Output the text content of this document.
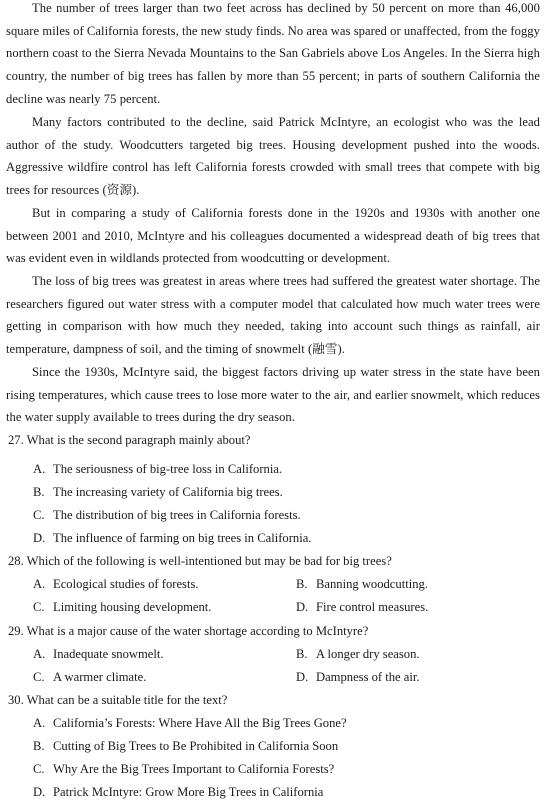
The number of trees larger than two feet across has declined by 50 percent on more than 46,000 square miles of California forests, the new study finds. No area was spared or unaffected, from the foggy northern coast to the Sierra Nevada Mountains to the San Gabriels above Los Angeles. In the Sierra high country, the number of big trees has fallen by more than 55 percent; in parts of southern California the decline was nearly 75 percent.

Many factors contributed to the decline, said Patrick McIntyre, an ecologist who was the lead author of the study. Woodcutters targeted big trees. Housing development pushed into the woods. Aggressive wildfire control has left California forests crowded with small trees that compete with big trees for resources (资源).

But in comparing a study of California forests done in the 1920s and 1930s with another one between 2001 and 2010, McIntyre and his colleagues documented a widespread death of big trees that was evident even in wildlands protected from woodcutting or development.

The loss of big trees was greatest in areas where trees had suffered the greatest water shortage. The researchers figured out water stress with a computer model that calculated how much water trees were getting in comparison with how much they needed, taking into account such things as rainfall, air temperature, dampness of soil, and the timing of snowmelt (融雪).

Since the 1930s, McIntyre said, the biggest factors driving up water stress in the state have been rising temperatures, which cause trees to lose more water to the air, and earlier snowmelt, which reduces the water supply available to trees during the dry season.

27. What is the second paragraph mainly about?

A. The seriousness of big-tree loss in California.

B. The increasing variety of California big trees.

C. The distribution of big trees in California forests.

D. The influence of farming on big trees in California.

28. Which of the following is well-intentioned but may be bad for big trees?

A. Ecological studies of forests.	B. Banning woodcutting.

C. Limiting housing development.	D. Fire control measures.

29. What is a major cause of the water shortage according to McIntyre?

A. Inadequate snowmelt.	B. A longer dry season.

C. A warmer climate.	D. Dampness of the air.

30. What can be a suitable title for the text?

A. California’s Forests: Where Have All the Big Trees Gone?

B. Cutting of Big Trees to Be Prohibited in California Soon

C. Why Are the Big Trees Important to California Forests?

D. Patrick McIntyre: Grow More Big Trees in California
